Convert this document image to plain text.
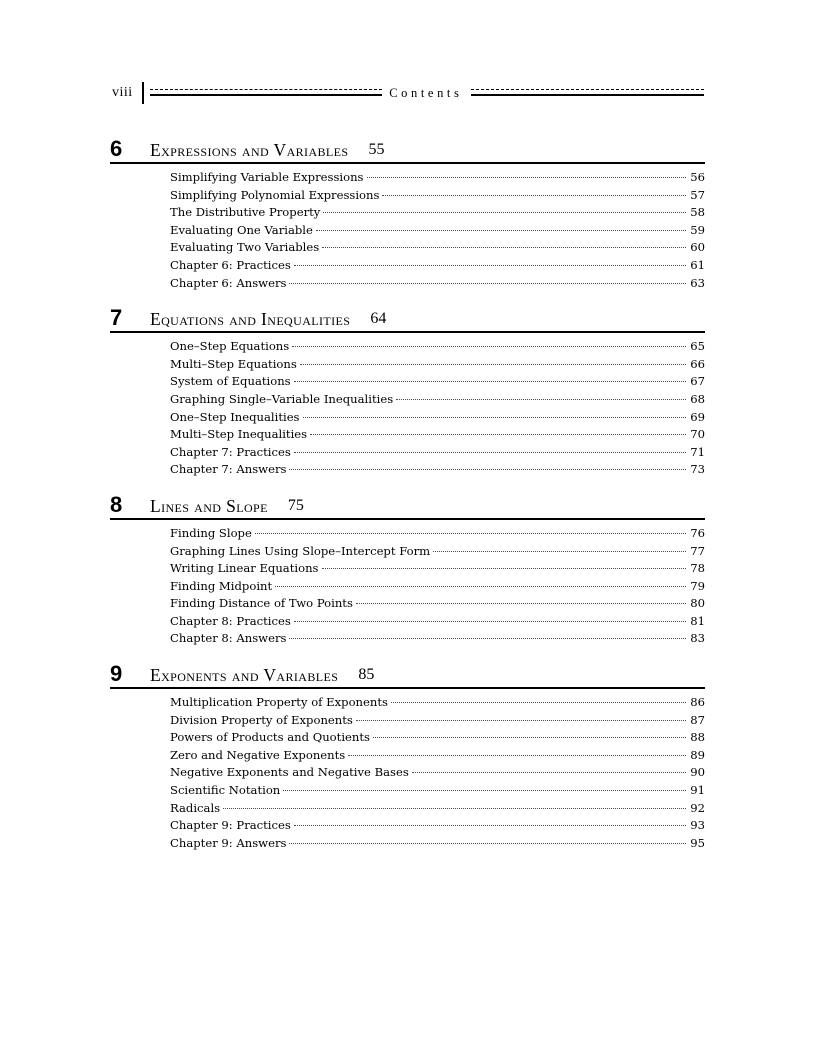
viii	Contents
6	Expressions and Variables	55
Simplifying Variable Expressions	56
Simplifying Polynomial Expressions	57
The Distributive Property	58
Evaluating One Variable	59
Evaluating Two Variables	60
Chapter 6: Practices	61
Chapter 6: Answers	63
7	Equations and Inequalities	64
One–Step Equations	65
Multi–Step Equations	66
System of Equations	67
Graphing Single–Variable Inequalities	68
One–Step Inequalities	69
Multi–Step Inequalities	70
Chapter 7: Practices	71
Chapter 7: Answers	73
8	Lines and Slope	75
Finding Slope	76
Graphing Lines Using Slope–Intercept Form	77
Writing Linear Equations	78
Finding Midpoint	79
Finding Distance of Two Points	80
Chapter 8: Practices	81
Chapter 8: Answers	83
9	Exponents and Variables	85
Multiplication Property of Exponents	86
Division Property of Exponents	87
Powers of Products and Quotients	88
Zero and Negative Exponents	89
Negative Exponents and Negative Bases	90
Scientific Notation	91
Radicals	92
Chapter 9: Practices	93
Chapter 9: Answers	95
